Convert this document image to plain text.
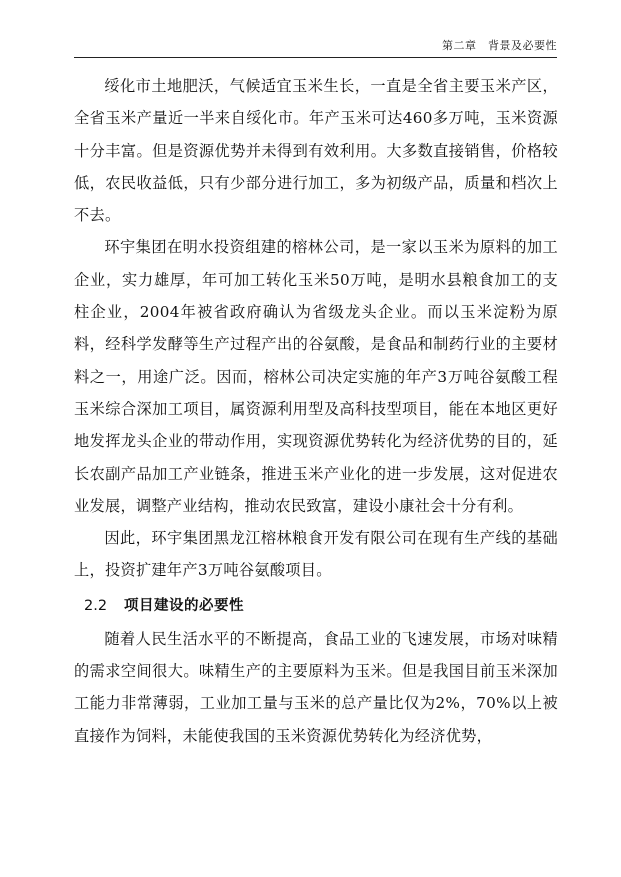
第二章　背景及必要性

绥化市土地肥沃，气候适宜玉米生长，一直是全省主要玉米产区，全省玉米产量近一半来自绥化市。年产玉米可达460多万吨，玉米资源十分丰富。但是资源优势并未得到有效利用。大多数直接销售，价格较低，农民收益低，只有少部分进行加工，多为初级产品，质量和档次上不去。

环宇集团在明水投资组建的榕林公司，是一家以玉米为原料的加工企业，实力雄厚，年可加工转化玉米50万吨，是明水县粮食加工的支柱企业，2004年被省政府确认为省级龙头企业。而以玉米淀粉为原料，经科学发酵等生产过程产出的谷氨酸，是食品和制药行业的主要材料之一，用途广泛。因而，榕林公司决定实施的年产3万吨谷氨酸工程玉米综合深加工项目，属资源利用型及高科技型项目，能在本地区更好地发挥龙头企业的带动作用，实现资源优势转化为经济优势的目的，延长农副产品加工产业链条，推进玉米产业化的进一步发展，这对促进农业发展，调整产业结构，推动农民致富，建设小康社会十分有利。

因此，环宇集团黑龙江榕林粮食开发有限公司在现有生产线的基础上，投资扩建年产3万吨谷氨酸项目。

2.2 项目建设的必要性

随着人民生活水平的不断提高，食品工业的飞速发展，市场对味精的需求空间很大。味精生产的主要原料为玉米。但是我国目前玉米深加工能力非常薄弱，工业加工量与玉米的总产量比仅为2%，70%以上被直接作为饲料，未能使我国的玉米资源优势转化为经济优势，
